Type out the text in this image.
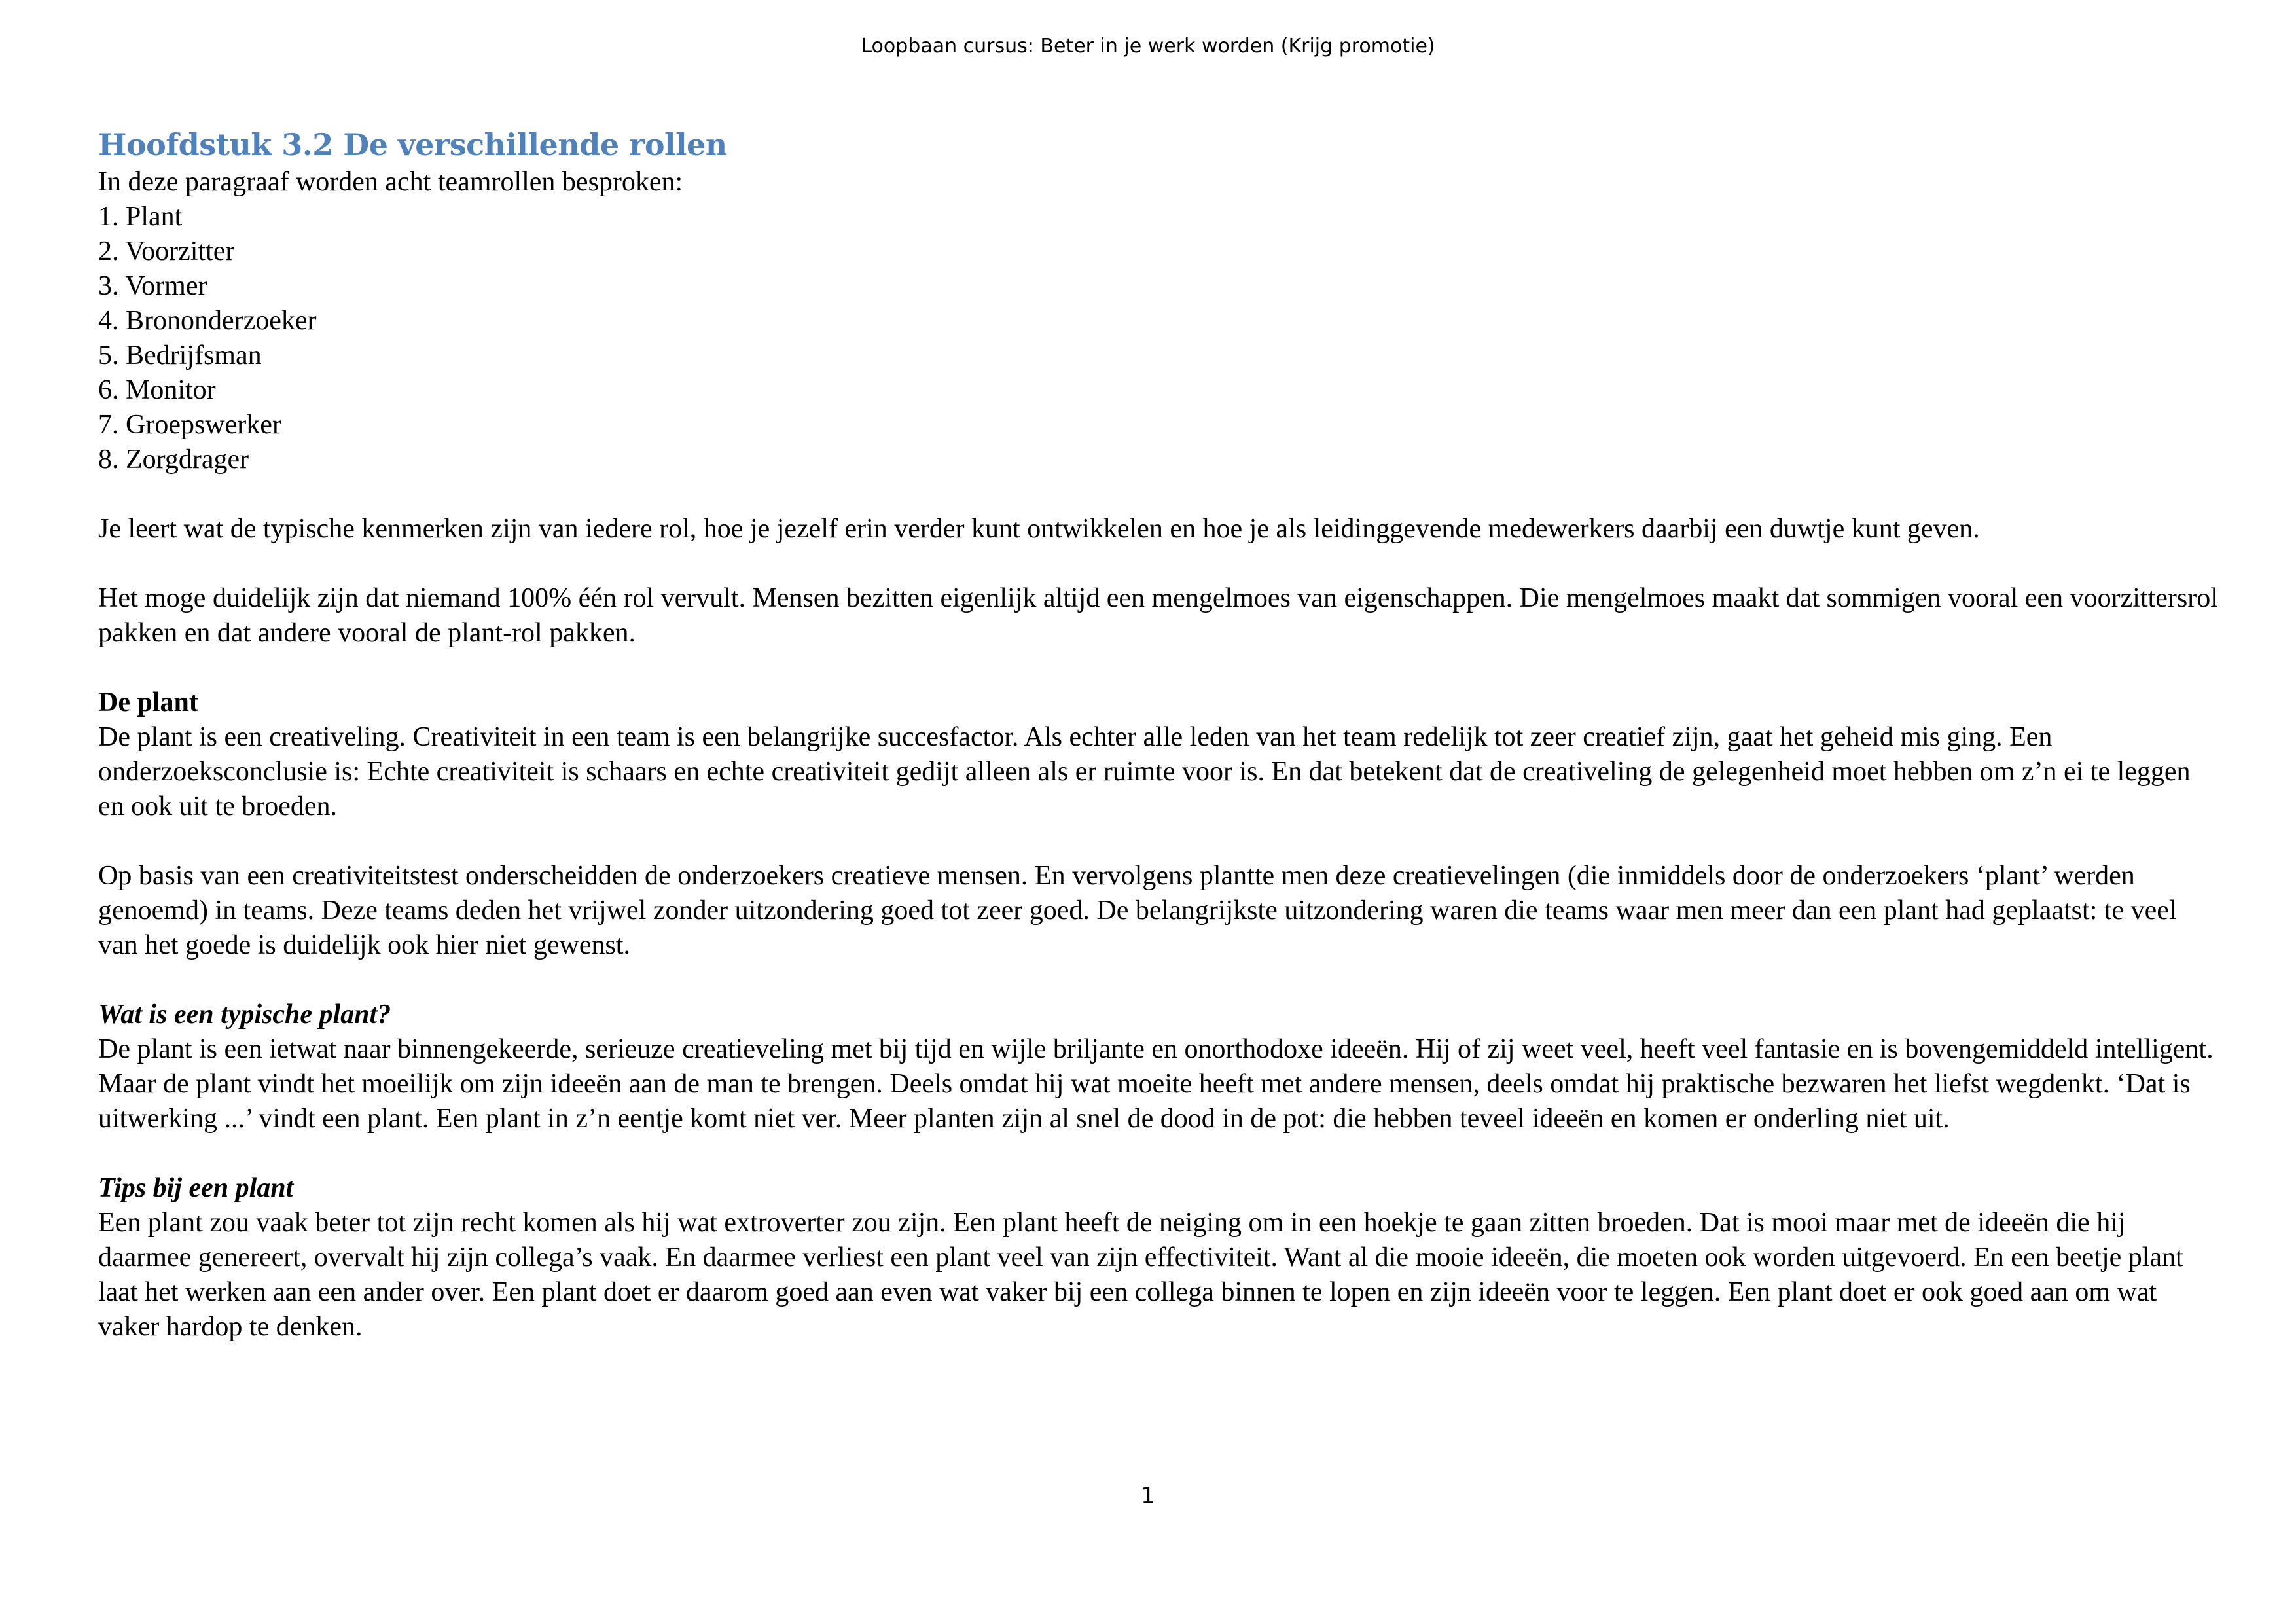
Loopbaan cursus: Beter in je werk worden (Krijg promotie)
Hoofdstuk 3.2 De verschillende rollen

In deze paragraaf worden acht teamrollen besproken:

1. Plant
2. Voorzitter
3. Vormer
4. Brononderzoeker
5. Bedrijfsman
6. Monitor
7. Groepswerker
8. Zorgdrager

Je leert wat de typische kenmerken zijn van iedere rol, hoe je jezelf erin verder kunt ontwikkelen en hoe je als leidinggevende medewerkers daarbij een duwtje kunt geven.

Het moge duidelijk zijn dat niemand 100% één rol vervult. Mensen bezitten eigenlijk altijd een mengelmoes van eigenschappen. Die mengelmoes maakt dat sommigen vooral een voorzittersrol pakken en dat andere vooral de plant-rol pakken.

De plant

De plant is een creativeling. Creativiteit in een team is een belangrijke succesfactor. Als echter alle leden van het team redelijk tot zeer creatief zijn, gaat het geheid mis ging. Een onderzoeksconclusie is: Echte creativiteit is schaars en echte creativiteit gedijt alleen als er ruimte voor is. En dat betekent dat de creativeling de gelegenheid moet hebben om z’n ei te leggen en ook uit te broeden.

Op basis van een creativiteitstest onderscheidden de onderzoekers creatieve mensen. En vervolgens plantte men deze creatievelingen (die inmiddels door de onderzoekers ‘plant’ werden genoemd) in teams. Deze teams deden het vrijwel zonder uitzondering goed tot zeer goed. De belangrijkste uitzondering waren die teams waar men meer dan een plant had geplaatst: te veel van het goede is duidelijk ook hier niet gewenst.

Wat is een typische plant?

De plant is een ietwat naar binnengekeerde, serieuze creatieveling met bij tijd en wijle briljante en onorthodoxe ideeën. Hij of zij weet veel, heeft veel fantasie en is bovengemiddeld intelligent. Maar de plant vindt het moeilijk om zijn ideeën aan de man te brengen. Deels omdat hij wat moeite heeft met andere mensen, deels omdat hij praktische bezwaren het liefst wegdenkt. ‘Dat is uitwerking ...’ vindt een plant. Een plant in z’n eentje komt niet ver. Meer planten zijn al snel de dood in de pot: die hebben teveel ideeën en komen er onderling niet uit.

Tips bij een plant

Een plant zou vaak beter tot zijn recht komen als hij wat extroverter zou zijn. Een plant heeft de neiging om in een hoekje te gaan zitten broeden. Dat is mooi maar met de ideeën die hij daarmee genereert, overvalt hij zijn collega’s vaak. En daarmee verliest een plant veel van zijn effectiviteit. Want al die mooie ideeën, die moeten ook worden uitgevoerd. En een beetje plant laat het werken aan een ander over. Een plant doet er daarom goed aan even wat vaker bij een collega binnen te lopen en zijn ideeën voor te leggen. Een plant doet er ook goed aan om wat vaker hardop te denken.

1
